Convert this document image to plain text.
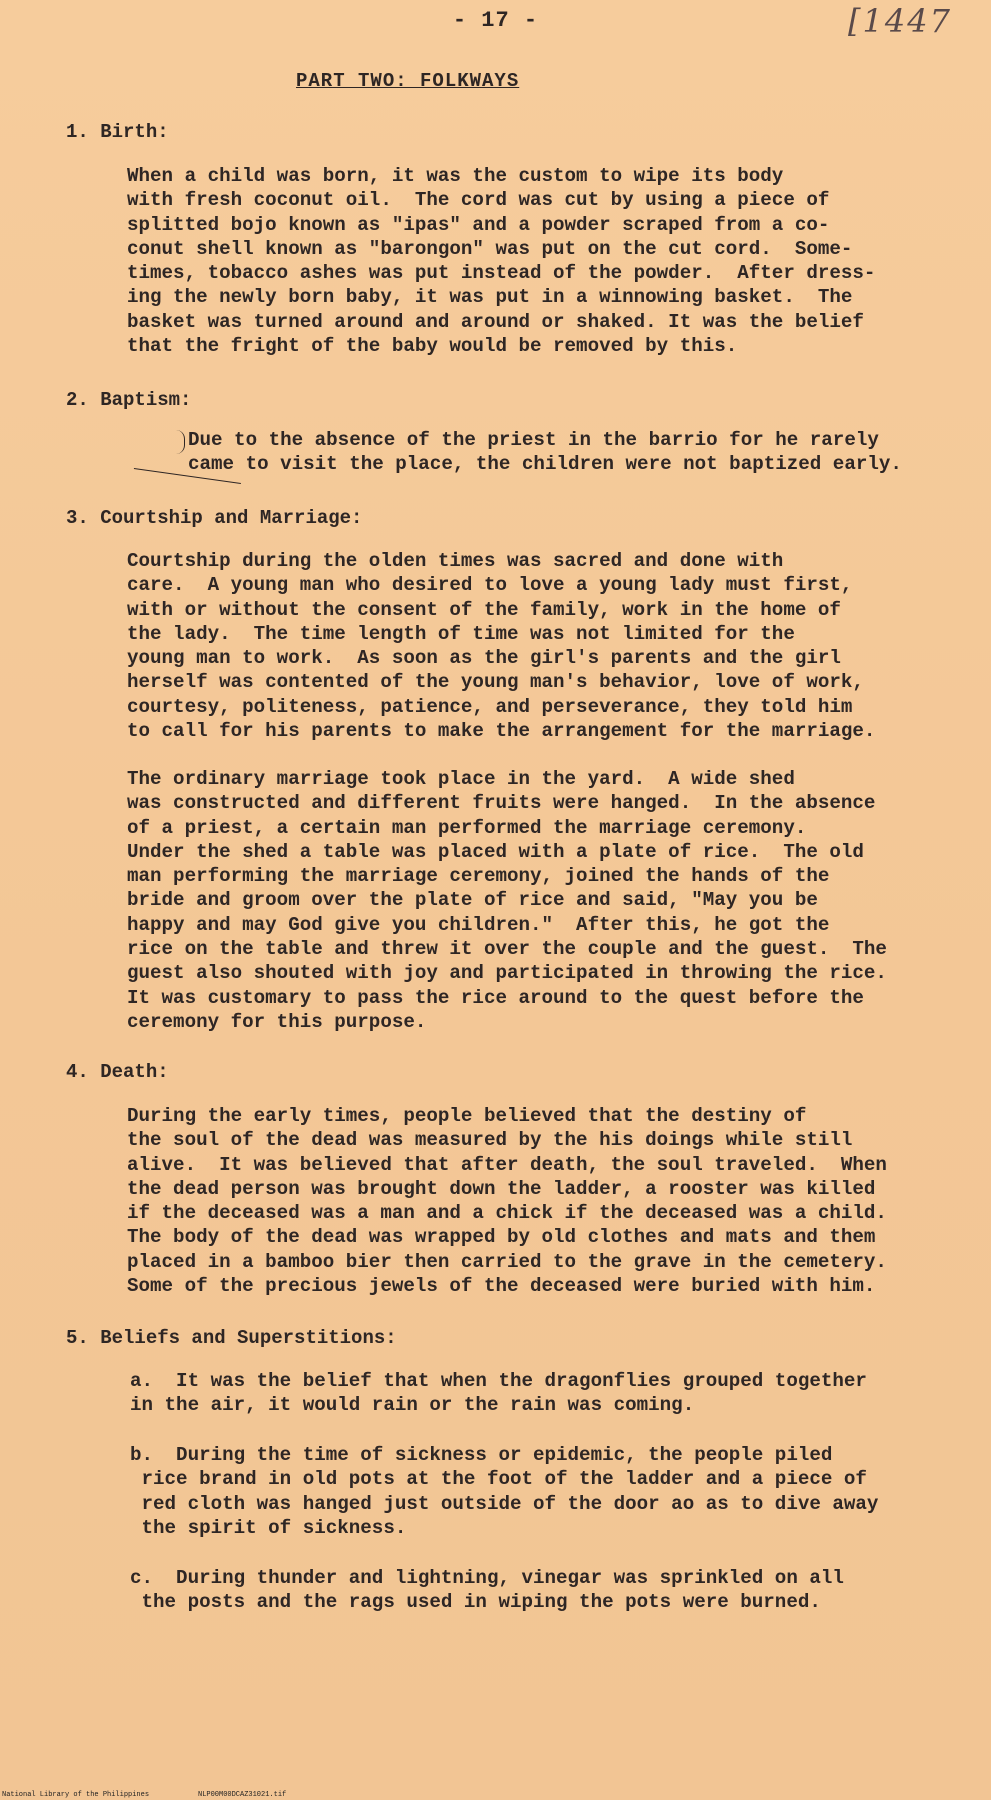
- 17 -	[1447
PART TWO: FOLKWAYS
1. Birth:
When a child was born, it was the custom to wipe its body
with fresh coconut oil.  The cord was cut by using a piece of
splitted bojo known as "ipas" and a powder scraped from a co-
conut shell known as "barongon" was put on the cut cord.  Some-
times, tobacco ashes was put instead of the powder.  After dress-
ing the newly born baby, it was put in a winnowing basket.  The
basket was turned around and around or shaked. It was the belief
that the fright of the baby would be removed by this.
2. Baptism:
Due to the absence of the priest in the barrio for he rarely
came to visit the place, the children were not baptized early.
3. Courtship and Marriage:
Courtship during the olden times was sacred and done with
care.  A young man who desired to love a young lady must first,
with or without the consent of the family, work in the home of
the lady.  The time length of time was not limited for the
young man to work.  As soon as the girl's parents and the girl
herself was contented of the young man's behavior, love of work,
courtesy, politeness, patience, and perseverance, they told him
to call for his parents to make the arrangement for the marriage.
The ordinary marriage took place in the yard.  A wide shed
was constructed and different fruits were hanged.  In the absence
of a priest, a certain man performed the marriage ceremony.
Under the shed a table was placed with a plate of rice.  The old
man performing the marriage ceremony, joined the hands of the
bride and groom over the plate of rice and said, "May you be
happy and may God give you children."  After this, he got the
rice on the table and threw it over the couple and the guest.  The
guest also shouted with joy and participated in throwing the rice.
It was customary to pass the rice around to the quest before the
ceremony for this purpose.
4. Death:
During the early times, people believed that the destiny of
the soul of the dead was measured by the his doings while still
alive.  It was believed that after death, the soul traveled.  When
the dead person was brought down the ladder, a rooster was killed
if the deceased was a man and a chick if the deceased was a child.
The body of the dead was wrapped by old clothes and mats and them
placed in a bamboo bier then carried to the grave in the cemetery.
Some of the precious jewels of the deceased were buried with him.
5. Beliefs and Superstitions:
a.  It was the belief that when the dragonflies grouped together
in the air, it would rain or the rain was coming.
b.  During the time of sickness or epidemic, the people piled
rice brand in old pots at the foot of the ladder and a piece of
red cloth was hanged just outside of the door ao as to dive away
the spirit of sickness.
c.  During thunder and lightning, vinegar was sprinkled on all
the posts and the rags used in wiping the pots were burned.
National Library of the Philippines	NLP00M00DCAZ31021.tif
